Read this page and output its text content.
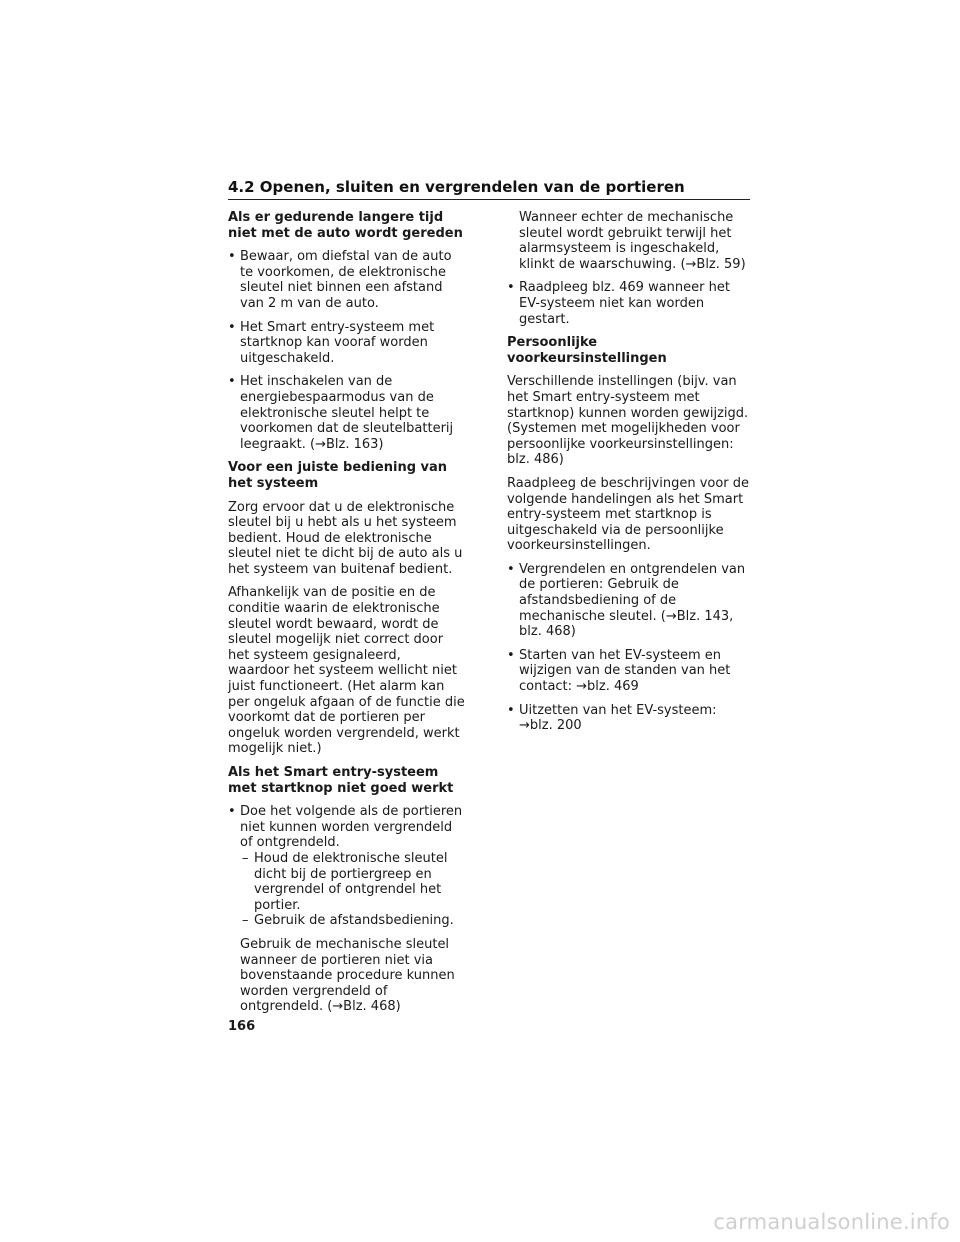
4.2 Openen, sluiten en vergrendelen van de portieren

Als er gedurende langere tijd niet met de auto wordt gereden

• Bewaar, om diefstal van de auto te voorkomen, de elektronische sleutel niet binnen een afstand van 2 m van de auto.
• Het Smart entry-systeem met startknop kan vooraf worden uitgeschakeld.
• Het inschakelen van de energiebespaarmodus van de elektronische sleutel helpt te voorkomen dat de sleutelbatterij leegraakt. (→Blz. 163)

Voor een juiste bediening van het systeem

Zorg ervoor dat u de elektronische sleutel bij u hebt als u het systeem bedient. Houd de elektronische sleutel niet te dicht bij de auto als u het systeem van buitenaf bedient.

Afhankelijk van de positie en de conditie waarin de elektronische sleutel wordt bewaard, wordt de sleutel mogelijk niet correct door het systeem gesignaleerd, waardoor het systeem wellicht niet juist functioneert. (Het alarm kan per ongeluk afgaan of de functie die voorkomt dat de portieren per ongeluk worden vergrendeld, werkt mogelijk niet.)

Als het Smart entry-systeem met startknop niet goed werkt

• Doe het volgende als de portieren niet kunnen worden vergrendeld of ontgrendeld.
– Houd de elektronische sleutel dicht bij de portiergreep en vergrendel of ontgrendel het portier.
– Gebruik de afstandsbediening.
Gebruik de mechanische sleutel wanneer de portieren niet via bovenstaande procedure kunnen worden vergrendeld of ontgrendeld. (→Blz. 468)

Wanneer echter de mechanische sleutel wordt gebruikt terwijl het alarmsysteem is ingeschakeld, klinkt de waarschuwing. (→Blz. 59)

• Raadpleeg blz. 469 wanneer het EV-systeem niet kan worden gestart.

Persoonlijke voorkeursinstellingen

Verschillende instellingen (bijv. van het Smart entry-systeem met startknop) kunnen worden gewijzigd. (Systemen met mogelijkheden voor persoonlijke voorkeursinstellingen: blz. 486)

Raadpleeg de beschrijvingen voor de volgende handelingen als het Smart entry-systeem met startknop is uitgeschakeld via de persoonlijke voorkeursinstellingen.

• Vergrendelen en ontgrendelen van de portieren: Gebruik de afstandsbediening of de mechanische sleutel. (→Blz. 143, blz. 468)
• Starten van het EV-systeem en wijzigen van de standen van het contact: →blz. 469
• Uitzetten van het EV-systeem: →blz. 200
166
carmanualsonline.info
